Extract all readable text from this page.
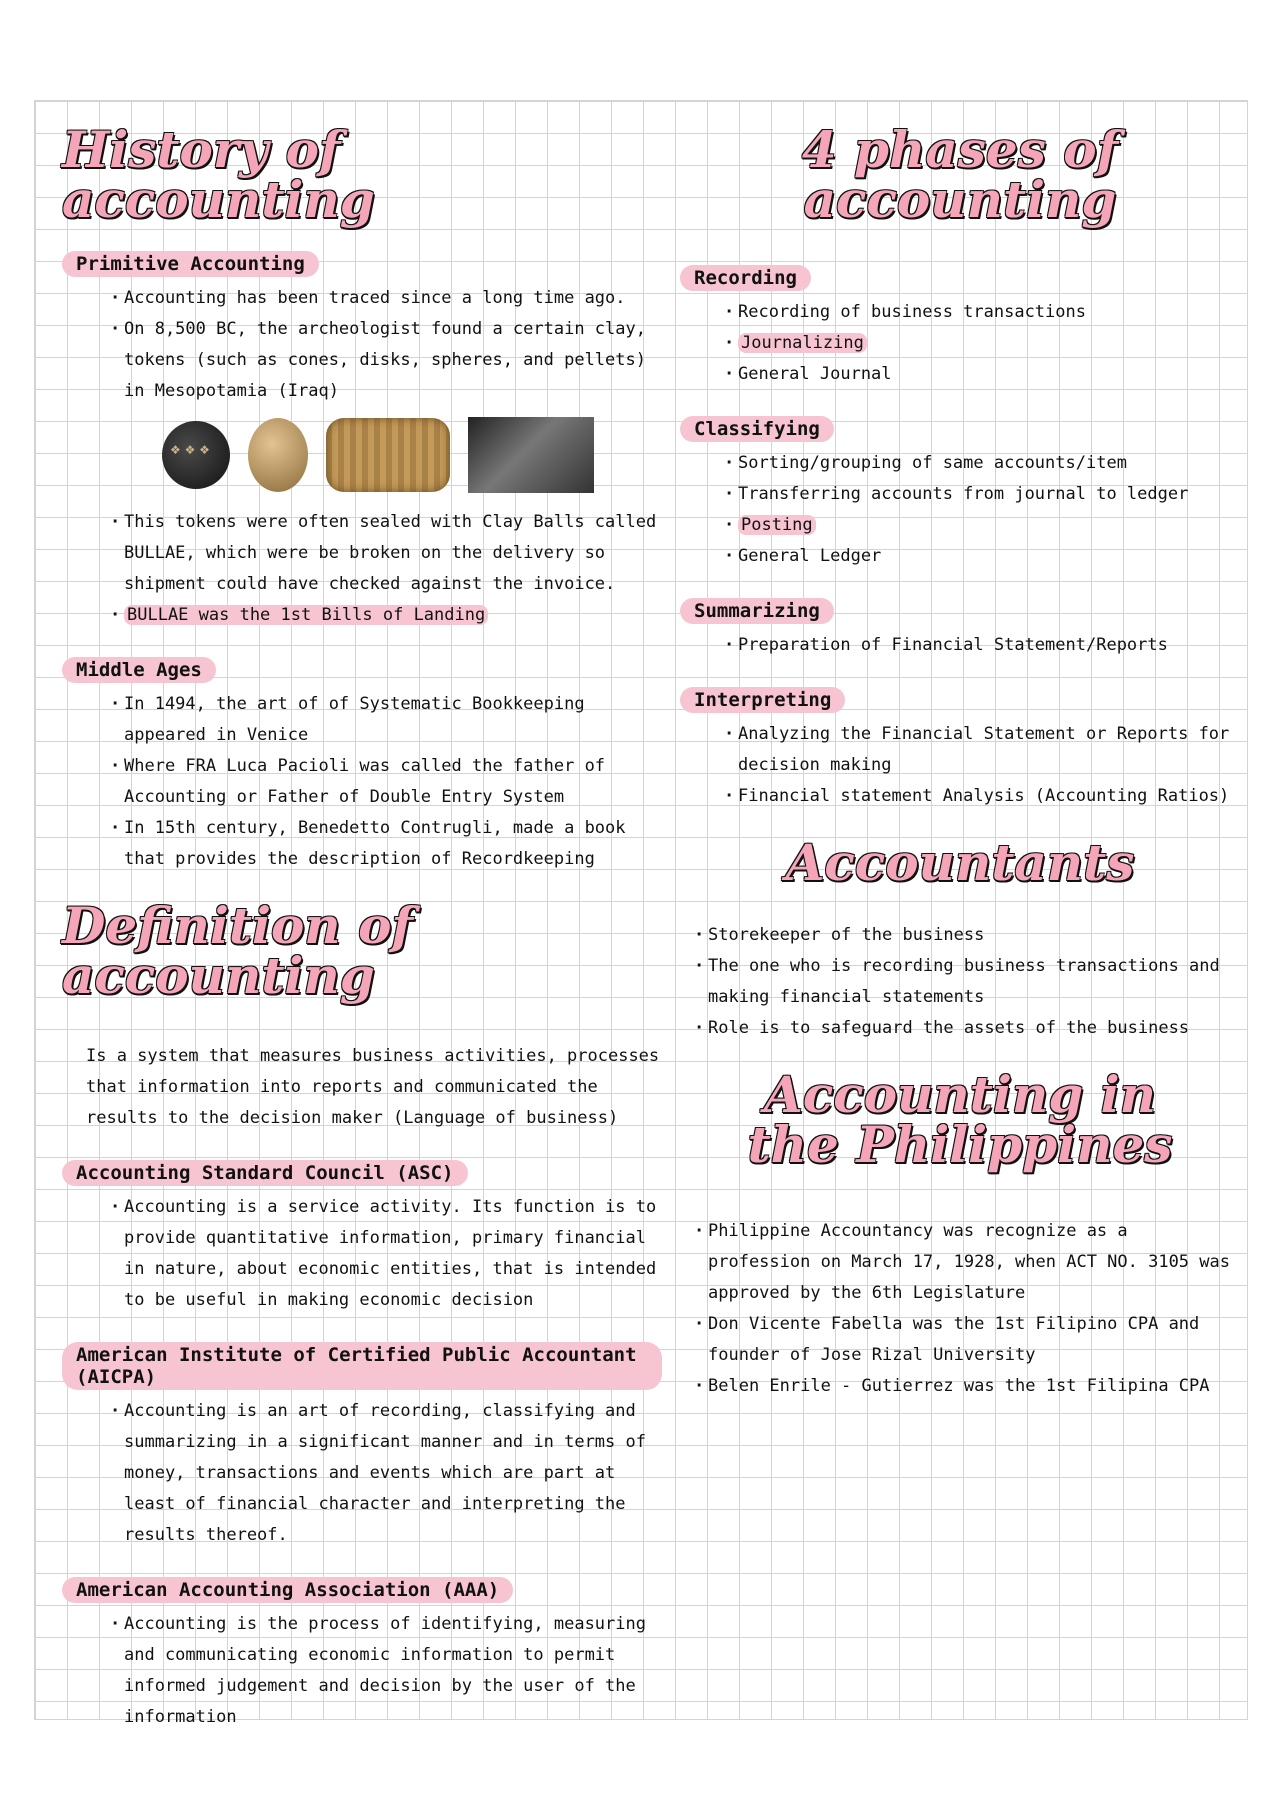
History of accounting
Primitive Accounting
· Accounting has been traced since a long time ago.
· On 8,500 BC, the archeologist found a certain clay, tokens (such as cones, disks, spheres, and pellets) in Mesopotamia (Iraq)
❖ ❖ ❖
· This tokens were often sealed with Clay Balls called BULLAE, which were be broken on the delivery so shipment could have checked against the invoice.
· BULLAE was the 1st Bills of Landing
Middle Ages
· In 1494, the art of of Systematic Bookkeeping appeared in Venice
· Where FRA Luca Pacioli was called the father of Accounting or Father of Double Entry System
· In 15th century, Benedetto Contrugli, made a book that provides the description of Recordkeeping
Definition of accounting

Is a system that measures business activities, processes that information into reports and communicated the results to the decision maker (Language of business)

Accounting Standard Council (ASC)
· Accounting is a service activity. Its function is to provide quantitative information, primary financial in nature, about economic entities, that is intended to be useful in making economic decision
American Institute of Certified Public Accountant (AICPA)
· Accounting is an art of recording, classifying and summarizing in a significant manner and in terms of money, transactions and events which are part at least of financial character and interpreting the results thereof.
American Accounting Association (AAA)
· Accounting is the process of identifying, measuring and communicating economic information to permit informed judgement and decision by the user of the information
4 phases of accounting
Recording
· Recording of business transactions
· Journalizing
· General Journal
Classifying
· Sorting/grouping of same accounts/item
· Transferring accounts from journal to ledger
· Posting
· General Ledger
Summarizing
· Preparation of Financial Statement/Reports
Interpreting
· Analyzing the Financial Statement or Reports for decision making
· Financial statement Analysis (Accounting Ratios)
Accountants
· Storekeeper of the business
· The one who is recording business transactions and making financial statements
· Role is to safeguard the assets of the business
Accounting in the Philippines
· Philippine Accountancy was recognize as a profession on March 17, 1928, when ACT NO. 3105 was approved by the 6th Legislature
· Don Vicente Fabella was the 1st Filipino CPA and founder of Jose Rizal University
· Belen Enrile - Gutierrez was the 1st Filipina CPA
